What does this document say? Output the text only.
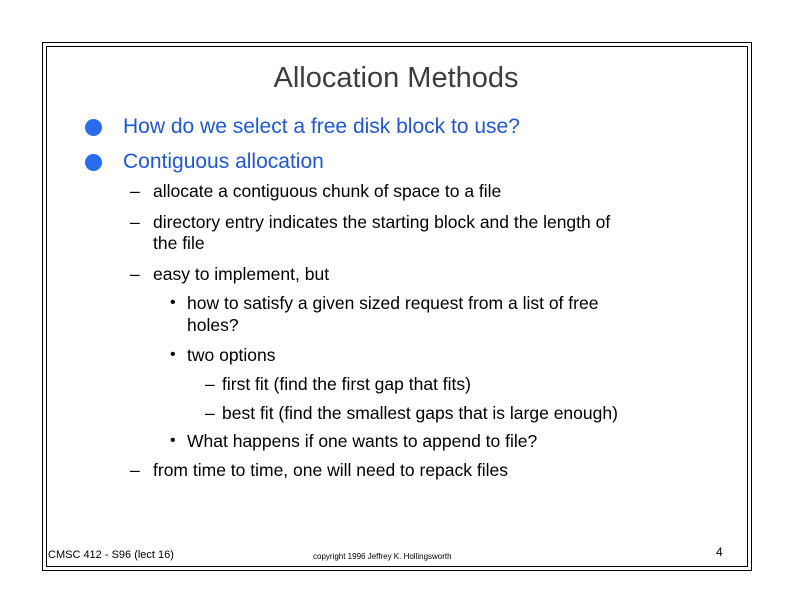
Allocation Methods
How do we select a free disk block to use?
Contiguous allocation
– allocate a contiguous chunk of space to a file
– directory entry indicates the starting block and the length of
the file
– easy to implement, but
• how to satisfy a given sized request from a list of free
holes?
• two options
– first fit (find the first gap that fits)
– best fit (find the smallest gaps that is large enough)
• What happens if one wants to append to file?
– from time to time, one will need to repack files
CMSC 412 - S96 (lect 16)	copyright 1996 Jeffrey K. Hollingsworth	4
